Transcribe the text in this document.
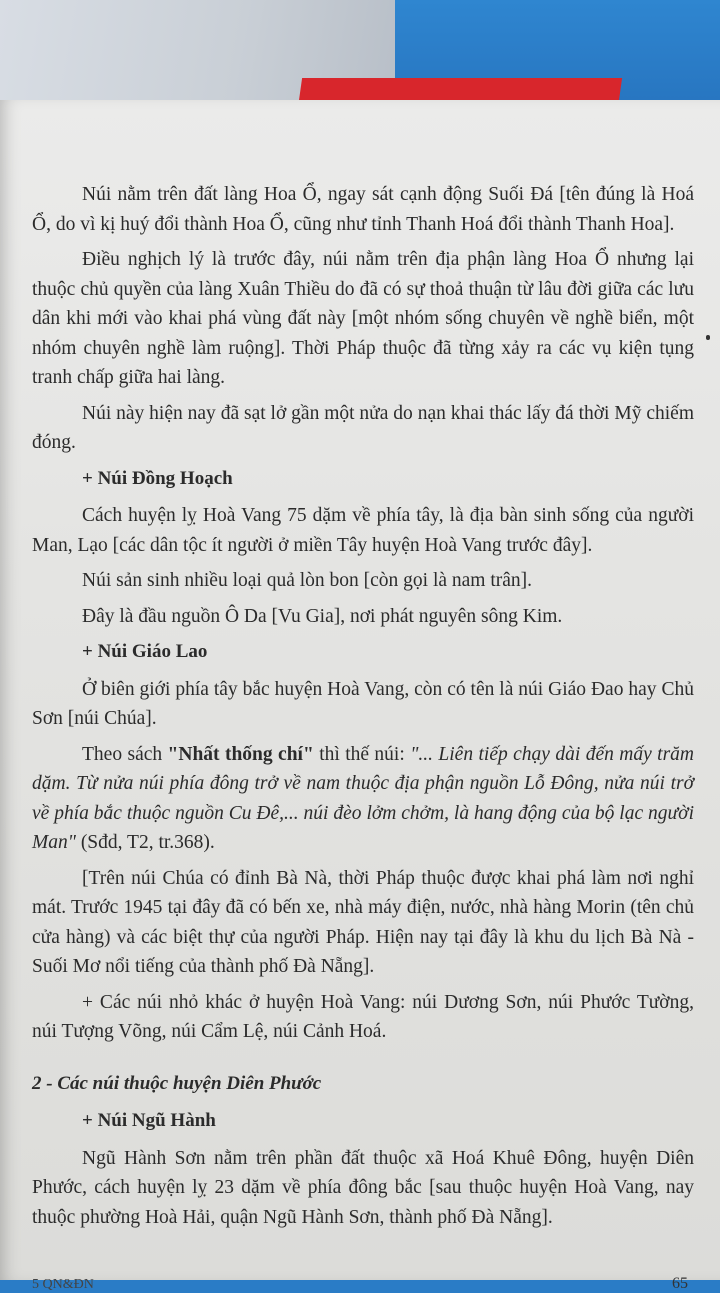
Núi nằm trên đất làng Hoa Ổ, ngay sát cạnh động Suối Đá [tên đúng là Hoá Ổ, do vì kị huý đổi thành Hoa Ổ, cũng như tỉnh Thanh Hoá đổi thành Thanh Hoa].

Điều nghịch lý là trước đây, núi nằm trên địa phận làng Hoa Ổ nhưng lại thuộc chủ quyền của làng Xuân Thiều do đã có sự thoả thuận từ lâu đời giữa các lưu dân khi mới vào khai phá vùng đất này [một nhóm sống chuyên về nghề biển, một nhóm chuyên nghề làm ruộng]. Thời Pháp thuộc đã từng xảy ra các vụ kiện tụng tranh chấp giữa hai làng.

Núi này hiện nay đã sạt lở gần một nửa do nạn khai thác lấy đá thời Mỹ chiếm đóng.

+ Núi Đồng Hoạch

Cách huyện lỵ Hoà Vang 75 dặm về phía tây, là địa bàn sinh sống của người Man, Lạo [các dân tộc ít người ở miền Tây huyện Hoà Vang trước đây].

Núi sản sinh nhiều loại quả lòn bon [còn gọi là nam trân].

Đây là đầu nguồn Ô Da [Vu Gia], nơi phát nguyên sông Kim.

+ Núi Giáo Lao

Ở biên giới phía tây bắc huyện Hoà Vang, còn có tên là núi Giáo Đao hay Chủ Sơn [núi Chúa].

Theo sách "Nhất thống chí" thì thế núi: "... Liên tiếp chạy dài đến mấy trăm dặm. Từ nửa núi phía đông trở về nam thuộc địa phận nguồn Lỗ Đông, nửa núi trở về phía bắc thuộc nguồn Cu Đê,... núi đèo lởm chởm, là hang động của bộ lạc người Man" (Sđd, T2, tr.368).

[Trên núi Chúa có đỉnh Bà Nà, thời Pháp thuộc được khai phá làm nơi nghỉ mát. Trước 1945 tại đây đã có bến xe, nhà máy điện, nước, nhà hàng Morin (tên chủ cửa hàng) và các biệt thự của người Pháp. Hiện nay tại đây là khu du lịch Bà Nà - Suối Mơ nổi tiếng của thành phố Đà Nẵng].

+ Các núi nhỏ khác ở huyện Hoà Vang: núi Dương Sơn, núi Phước Tường, núi Tượng Võng, núi Cẩm Lệ, núi Cảnh Hoá.

2 - Các núi thuộc huyện Diên Phước

+ Núi Ngũ Hành

Ngũ Hành Sơn nằm trên phần đất thuộc xã Hoá Khuê Đông, huyện Diên Phước, cách huyện lỵ 23 dặm về phía đông bắc [sau thuộc huyện Hoà Vang, nay thuộc phường Hoà Hải, quận Ngũ Hành Sơn, thành phố Đà Nẵng].

5 QN&ĐN	65
